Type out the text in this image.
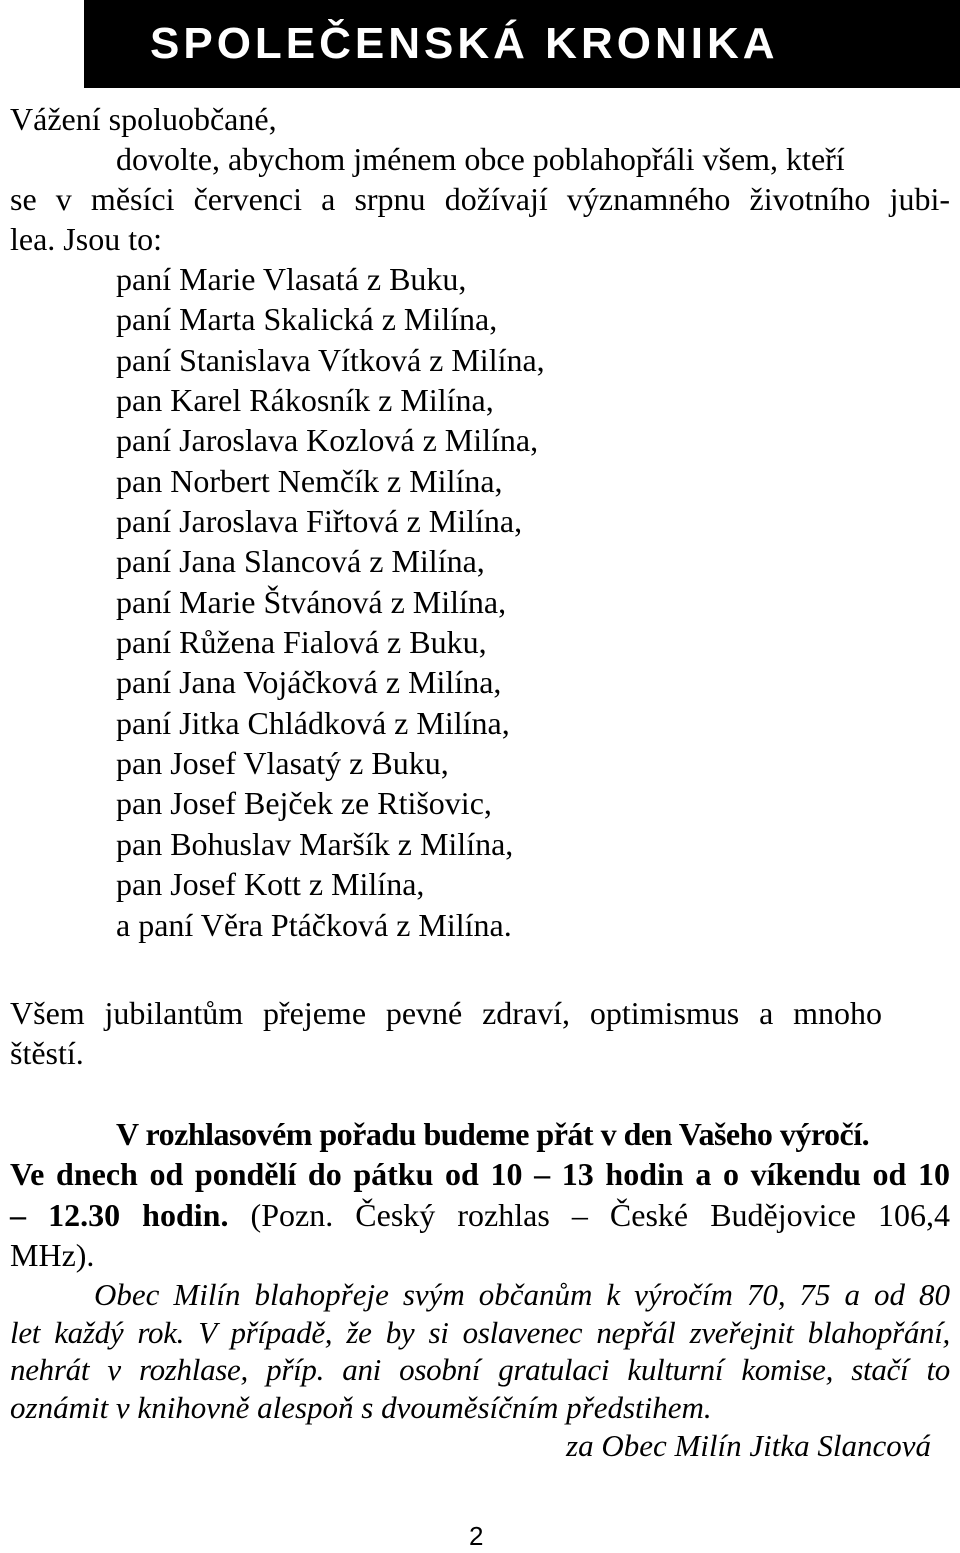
SPOLEČENSKÁ KRONIKA
Vážení spoluobčané,
dovolte, abychom jménem obce poblahopřáli všem, kteří
se v měsíci červenci a srpnu dožívají významného životního jubi-
lea. Jsou to:
paní Marie Vlasatá z Buku,
paní Marta Skalická z Milína,
paní Stanislava Vítková z Milína,
pan Karel Rákosník z Milína,
paní Jaroslava Kozlová z Milína,
pan Norbert Nemčík z Milína,
paní Jaroslava Fiřtová z Milína,
paní Jana Slancová z Milína,
paní Marie Štvánová z Milína,
paní Růžena Fialová z Buku,
paní Jana Vojáčková z Milína,
paní Jitka Chládková z Milína,
pan Josef Vlasatý z Buku,
pan Josef Bejček ze Rtišovic,
pan Bohuslav Maršík z Milína,
pan Josef Kott z Milína,
a paní Věra Ptáčková z Milína.
Všem jubilantům přejeme pevné zdraví, optimismus a mnoho
štěstí.
V rozhlasovém pořadu budeme přát v den Vašeho výročí.
Ve dnech od pondělí do pátku od 10 – 13 hodin a o víkendu od 10
– 12.30 hodin. (Pozn. Český rozhlas – České Budějovice 106,4
MHz).
Obec Milín blahopřeje svým občanům k výročím 70, 75 a od 80
let každý rok. V případě, že by si oslavenec nepřál zveřejnit blahopřání,
nehrát v rozhlase, příp. ani osobní gratulaci kulturní komise, stačí to
oznámit v knihovně alespoň s dvouměsíčním předstihem.
za Obec Milín Jitka Slancová
2
